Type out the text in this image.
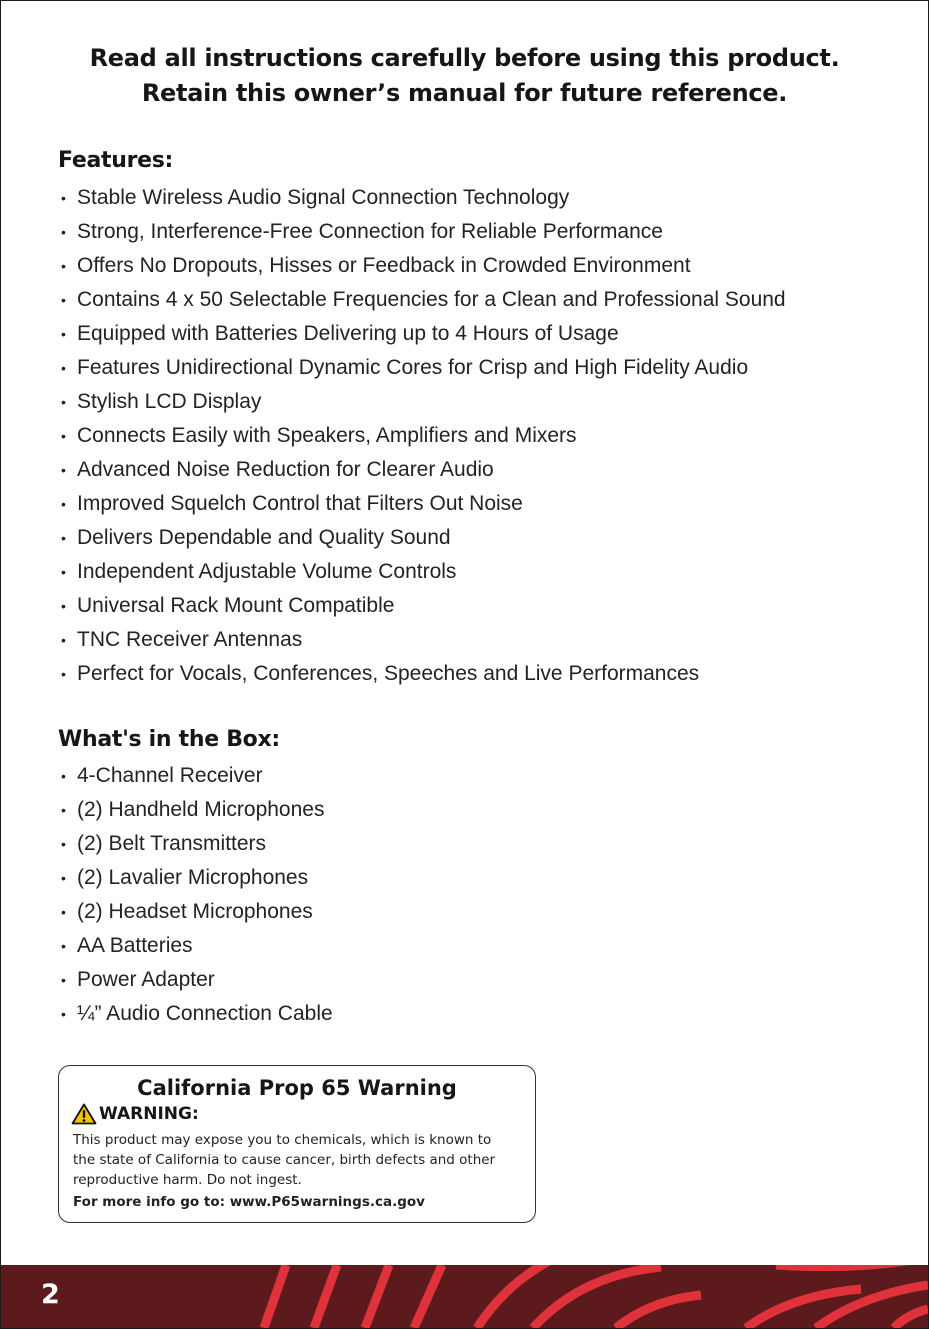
Read all instructions carefully before using this product.
Retain this owner’s manual for future reference.
Features:
• Stable Wireless Audio Signal Connection Technology
• Strong, Interference-Free Connection for Reliable Performance
• Offers No Dropouts, Hisses or Feedback in Crowded Environment
• Contains 4 x 50 Selectable Frequencies for a Clean and Professional Sound
• Equipped with Batteries Delivering up to 4 Hours of Usage
• Features Unidirectional Dynamic Cores for Crisp and High Fidelity Audio
• Stylish LCD Display
• Connects Easily with Speakers, Amplifiers and Mixers
• Advanced Noise Reduction for Clearer Audio
• Improved Squelch Control that Filters Out Noise
• Delivers Dependable and Quality Sound
• Independent Adjustable Volume Controls
• Universal Rack Mount Compatible
• TNC Receiver Antennas
• Perfect for Vocals, Conferences, Speeches and Live Performances
What's in the Box:
• 4-Channel Receiver
• (2) Handheld Microphones
• (2) Belt Transmitters
• (2) Lavalier Microphones
• (2) Headset Microphones
• AA Batteries
• Power Adapter
• ¼” Audio Connection Cable
California Prop 65 Warning
WARNING:
This product may expose you to chemicals, which is known to
the state of California to cause cancer, birth defects and other
reproductive harm. Do not ingest.
For more info go to: www.P65warnings.ca.gov
2
